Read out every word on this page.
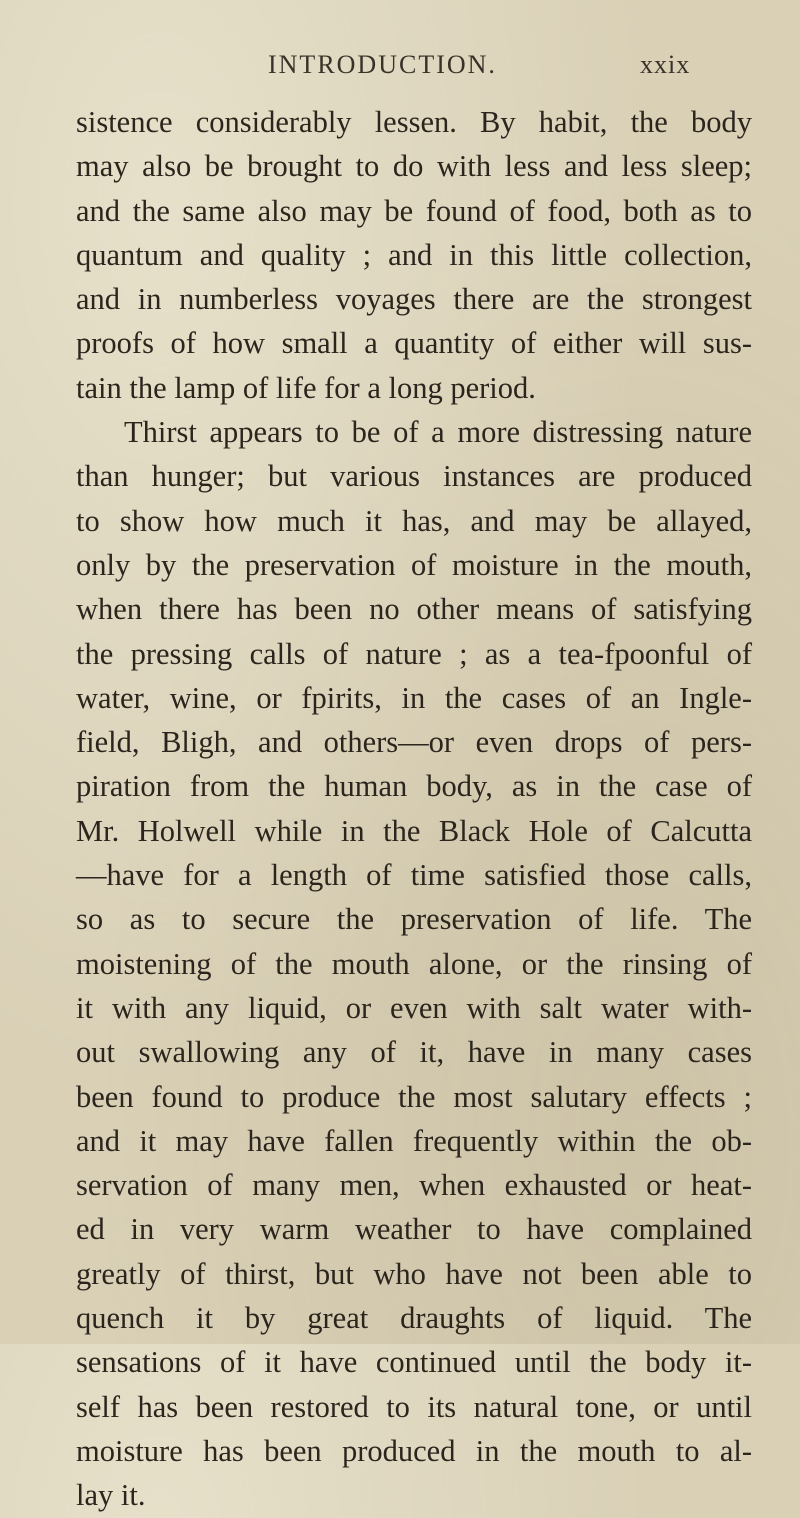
INTRODUCTION.	xxix
sistence considerably lessen. By habit, the body
may also be brought to do with less and less sleep;
and the same also may be found of food, both as to
quantum and quality ; and in this little collection,
and in numberless voyages there are the strongest
proofs of how small a quantity of either will sus-
tain the lamp of life for a long period.
Thirst appears to be of a more distressing nature
than hunger; but various instances are produced
to show how much it has, and may be allayed,
only by the preservation of moisture in the mouth,
when there has been no other means of satisfying
the pressing calls of nature ; as a tea-fpoonful of
water, wine, or fpirits, in the cases of an Ingle-
field, Bligh, and others—or even drops of pers-
piration from the human body, as in the case of
Mr. Holwell while in the Black Hole of Calcutta
—have for a length of time satisfied those calls,
so as to secure the preservation of life. The
moistening of the mouth alone, or the rinsing of
it with any liquid, or even with salt water with-
out swallowing any of it, have in many cases
been found to produce the most salutary effects ;
and it may have fallen frequently within the ob-
servation of many men, when exhausted or heat-
ed in very warm weather to have complained
greatly of thirst, but who have not been able to
quench it by great draughts of liquid. The
sensations of it have continued until the body it-
self has been restored to its natural tone, or until
moisture has been produced in the mouth to al-
lay it.
